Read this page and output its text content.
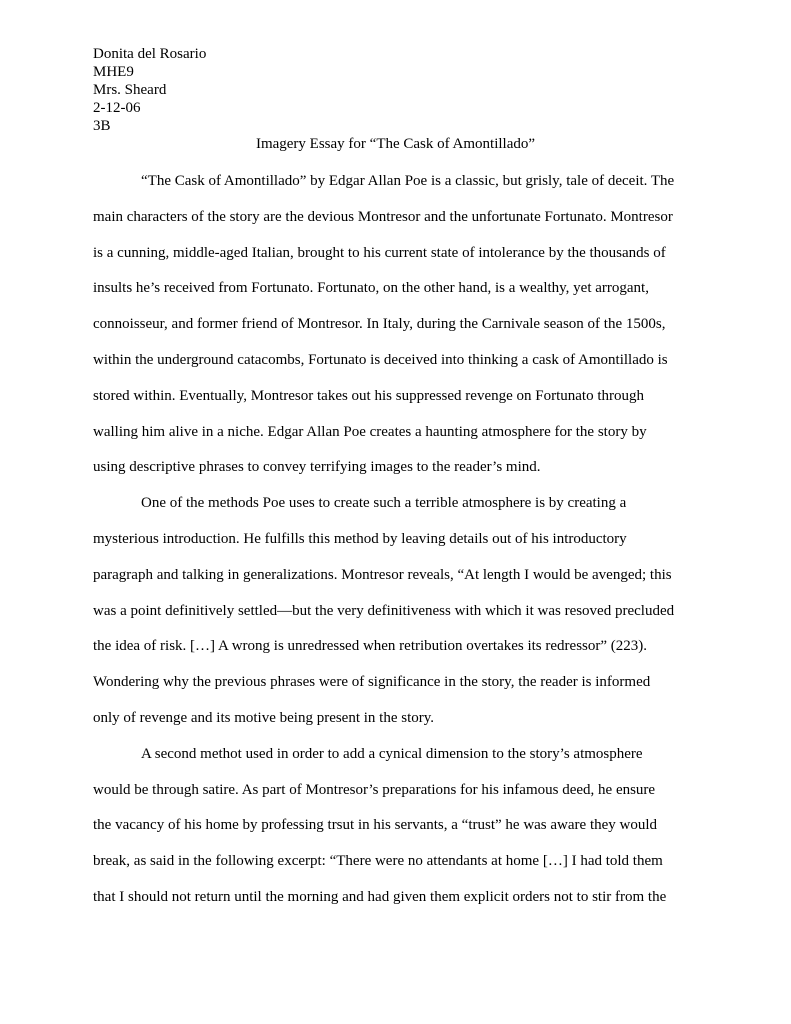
Donita del Rosario
MHE9
Mrs. Sheard
2-12-06
3B
Imagery Essay for “The Cask of Amontillado”
“The Cask of Amontillado” by Edgar Allan Poe is a classic, but grisly, tale of deceit. The
main characters of the story are the devious Montresor and the unfortunate Fortunato. Montresor
is a cunning, middle-aged Italian, brought to his current state of intolerance by the thousands of
insults he’s received from Fortunato. Fortunato, on the other hand, is a wealthy, yet arrogant,
connoisseur, and former friend of Montresor. In Italy, during the Carnivale season of the 1500s,
within the underground catacombs, Fortunato is deceived into thinking a cask of Amontillado is
stored within. Eventually, Montresor takes out his suppressed revenge on Fortunato through
walling him alive in a niche. Edgar Allan Poe creates a haunting atmosphere for the story by
using descriptive phrases to convey terrifying images to the reader’s mind.
One of the methods Poe uses to create such a terrible atmosphere is by creating a
mysterious introduction. He fulfills this method by leaving details out of his introductory
paragraph and talking in generalizations. Montresor reveals, “At length I would be avenged; this
was a point definitively settled—but the very definitiveness with which it was resoved precluded
the idea of risk. […] A wrong is unredressed when retribution overtakes its redressor” (223).
Wondering why the previous phrases were of significance in the story, the reader is informed
only of revenge and its motive being present in the story.
A second methot used in order to add a cynical dimension to the story’s atmosphere
would be through satire. As part of Montresor’s preparations for his infamous deed, he ensure
the vacancy of his home by professing trsut in his servants, a “trust” he was aware they would
break, as said in the following excerpt: “There were no attendants at home […] I had told them
that I should not return until the morning and had given them explicit orders not to stir from the
